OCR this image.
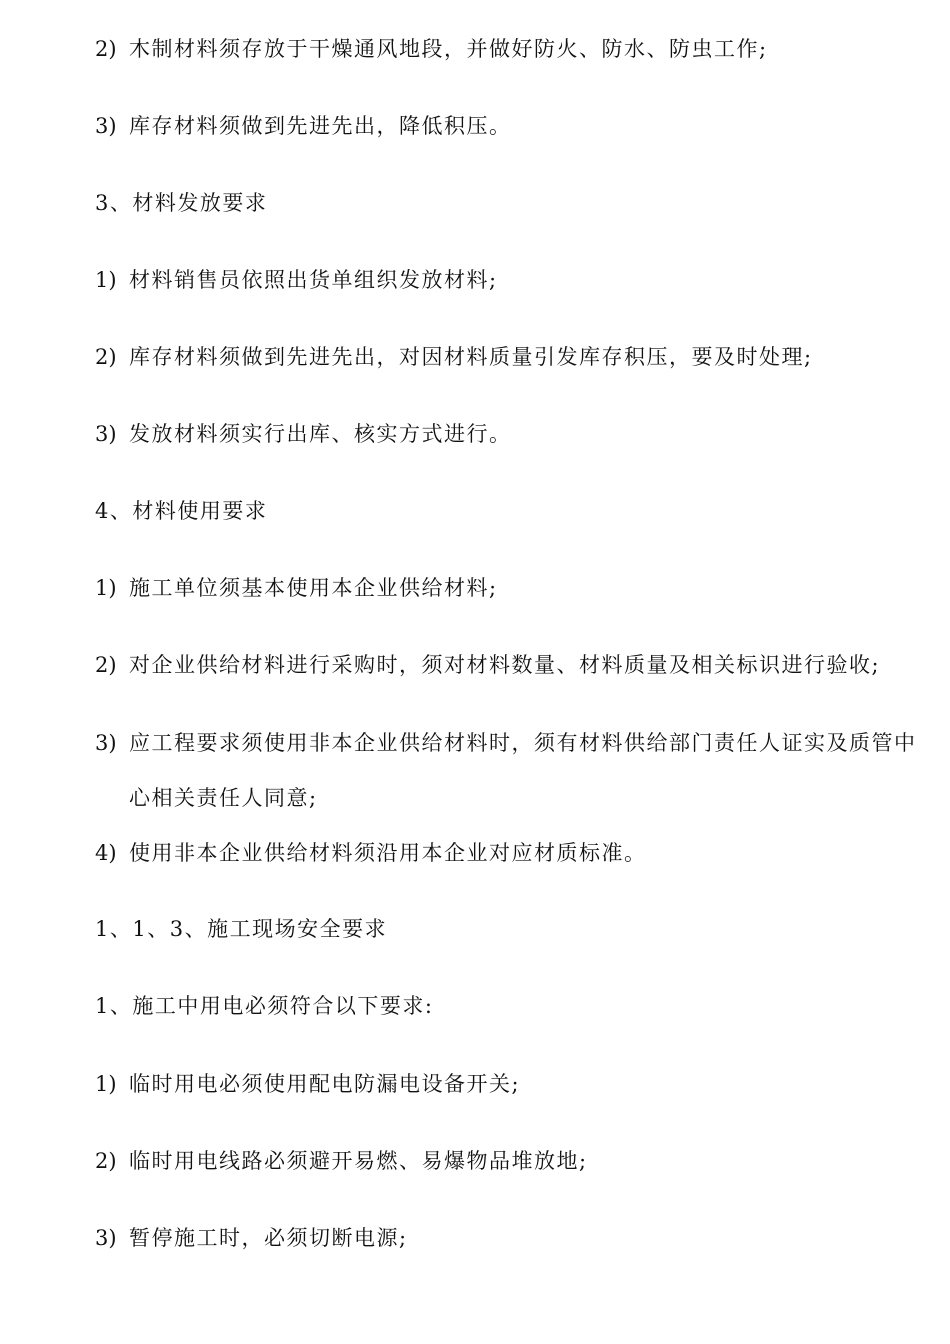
2) 木制材料须存放于干燥通风地段，并做好防火、防水、防虫工作;
3) 库存材料须做到先进先出，降低积压。
3、材料发放要求
1) 材料销售员依照出货单组织发放材料;
2) 库存材料须做到先进先出，对因材料质量引发库存积压，要及时处理;
3) 发放材料须实行出库、核实方式进行。
4、材料使用要求
1) 施工单位须基本使用本企业供给材料;
2) 对企业供给材料进行采购时，须对材料数量、材料质量及相关标识进行验收;
3) 应工程要求须使用非本企业供给材料时，须有材料供给部门责任人证实及质管中
心相关责任人同意;
4) 使用非本企业供给材料须沿用本企业对应材质标准。
1、1、3、施工现场安全要求
1、施工中用电必须符合以下要求:
1) 临时用电必须使用配电防漏电设备开关;
2) 临时用电线路必须避开易燃、易爆物品堆放地;
3) 暂停施工时，必须切断电源;
